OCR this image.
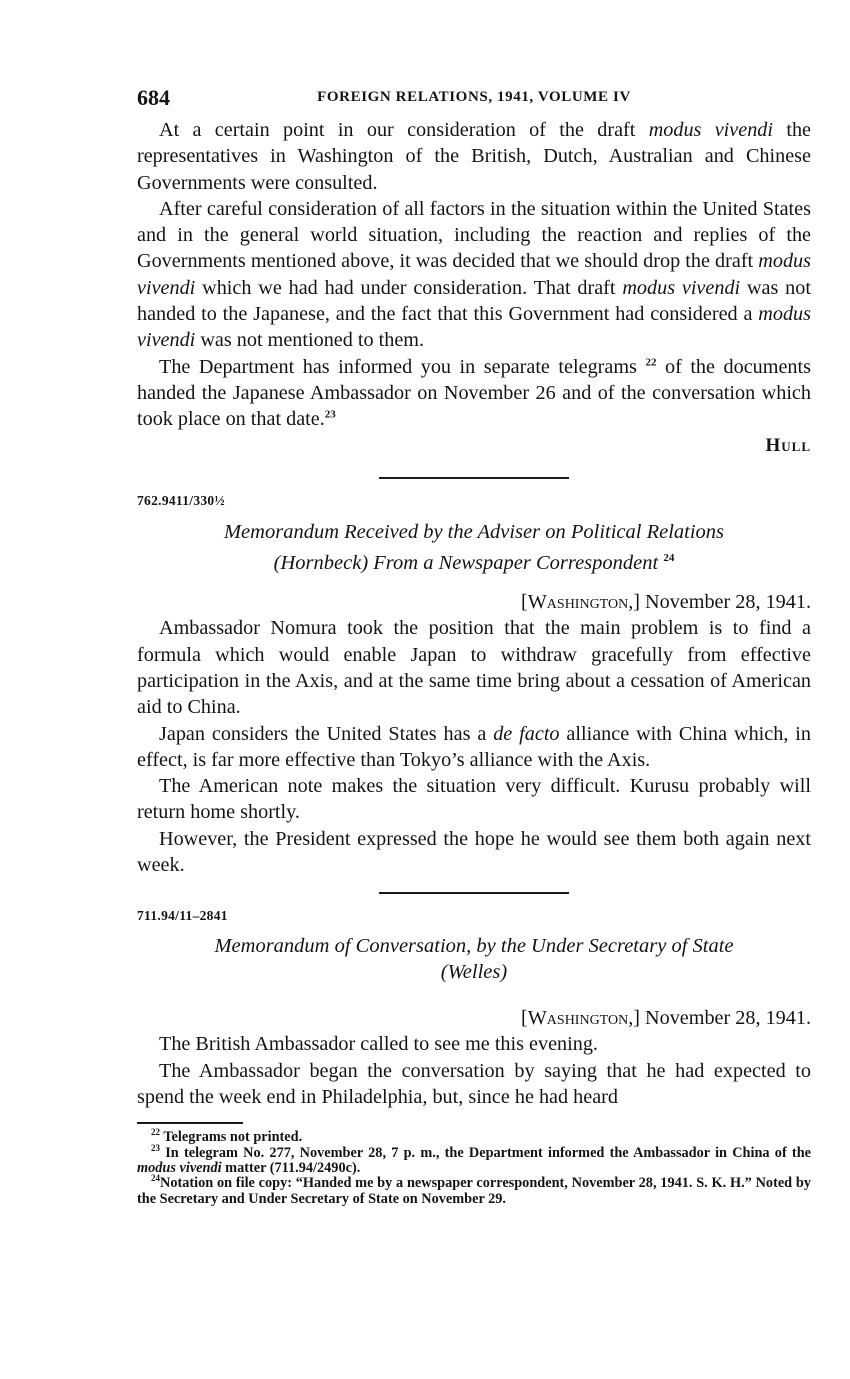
684	FOREIGN RELATIONS, 1941, VOLUME IV

At a certain point in our consideration of the draft modus vivendi the representatives in Washington of the British, Dutch, Australian and Chinese Governments were consulted.

After careful consideration of all factors in the situation within the United States and in the general world situation, including the reaction and replies of the Governments mentioned above, it was decided that we should drop the draft modus vivendi which we had had under consideration. That draft modus vivendi was not handed to the Japanese, and the fact that this Government had considered a modus vivendi was not mentioned to them.

The Department has informed you in separate telegrams $^{22}$ of the documents handed the Japanese Ambassador on November 26 and of the conversation which took place on that date.$^{23}$

Hull
762.9411/330½
Memorandum Received by the Adviser on Political Relations
(Hornbeck) From a Newspaper Correspondent $^{24}$
[Washington,] November 28, 1941.

Ambassador Nomura took the position that the main problem is to find a formula which would enable Japan to withdraw gracefully from effective participation in the Axis, and at the same time bring about a cessation of American aid to China.

Japan considers the United States has a de facto alliance with China which, in effect, is far more effective than Tokyo’s alliance with the Axis.

The American note makes the situation very difficult. Kurusu probably will return home shortly.

However, the President expressed the hope he would see them both again next week.

711.94/11–2841
Memorandum of Conversation, by the Under Secretary of State
(Welles)
[Washington,] November 28, 1941.

The British Ambassador called to see me this evening.

The Ambassador began the conversation by saying that he had expected to spend the week end in Philadelphia, but, since he had heard

$^{22}$ Telegrams not printed.
$^{23}$ In telegram No. 277, November 28, 7 p. m., the Department informed the Ambassador in China of the modus vivendi matter (711.94/2490c).
$^{24}$Notation on file copy: “Handed me by a newspaper correspondent, November 28, 1941. S. K. H.” Noted by the Secretary and Under Secretary of State on November 29.
